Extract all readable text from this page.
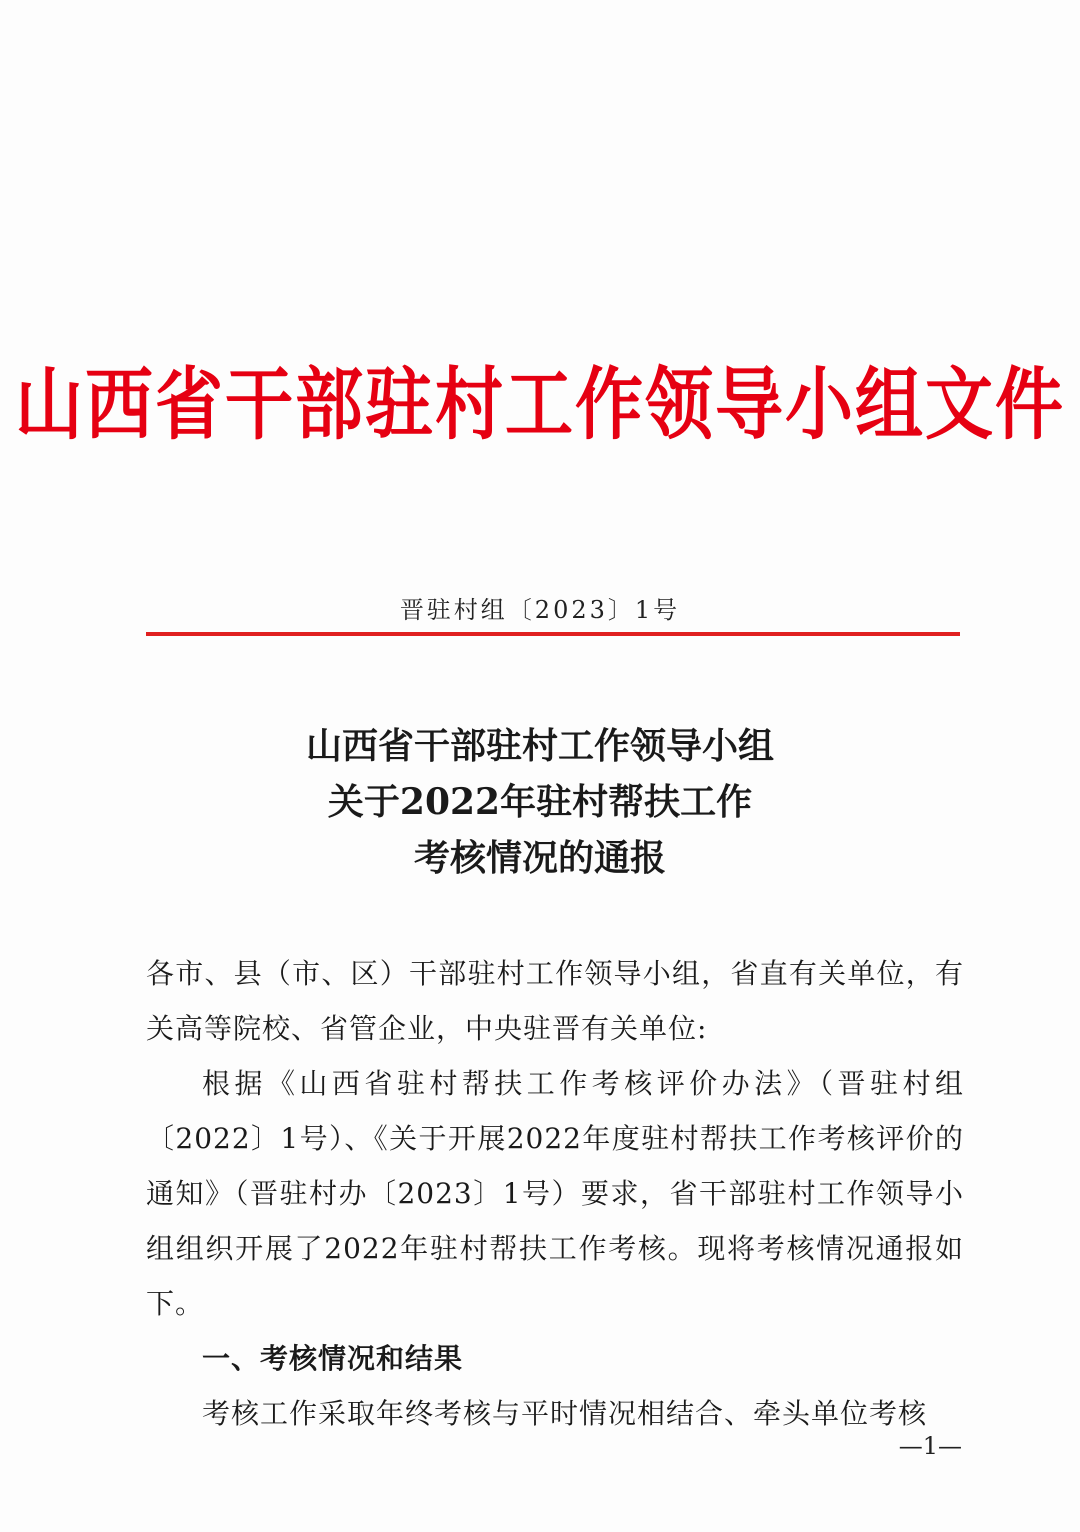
山西省干部驻村工作领导小组文件
晋驻村组〔2023〕1号
山西省干部驻村工作领导小组
关于2022年驻村帮扶工作
考核情况的通报

各市、县（市、区）干部驻村工作领导小组，省直有关单位，有关高等院校、省管企业，中央驻晋有关单位:

根据《山西省驻村帮扶工作考核评价办法》（晋驻村组〔2022〕1号）、《关于开展2022年度驻村帮扶工作考核评价的通知》（晋驻村办〔2023〕1号）要求，省干部驻村工作领导小组组织开展了2022年驻村帮扶工作考核。现将考核情况通报如下。

一、考核情况和结果

考核工作采取年终考核与平时情况相结合、牵头单位考核

—1—
